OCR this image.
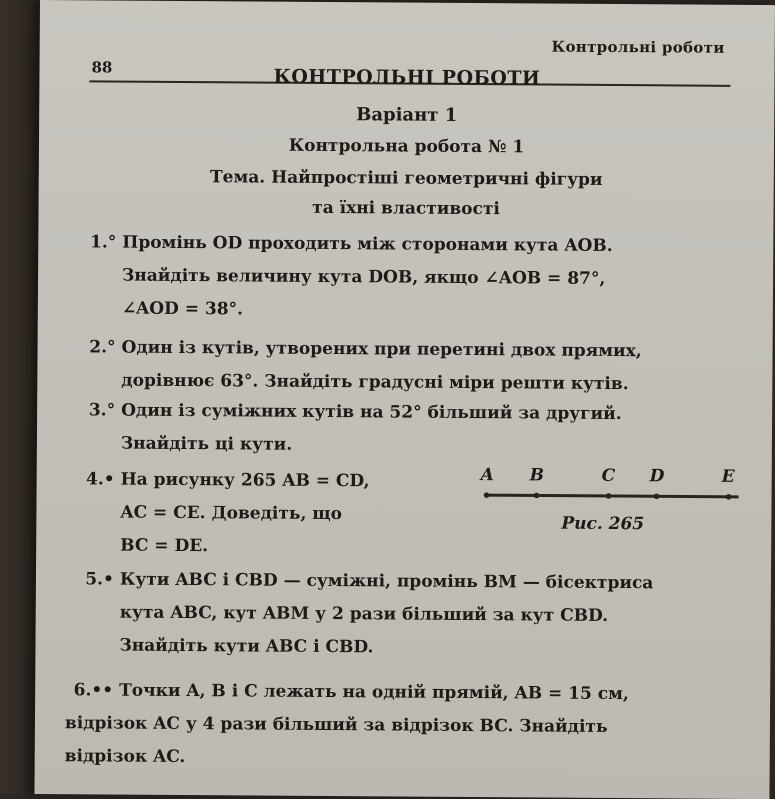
Контрольні роботи
88	КОНТРОЛЬНІ РОБОТИ
Варіант 1
Контрольна робота № 1
Тема. Найпростіші геометричні фігури
та їхні властивості
1.° Промінь OD проходить між сторонами кута AOB.
Знайдіть величину кута DOB, якщо ∠AOB = 87°,
∠AOD = 38°.
2.° Один із кутів, утворених при перетині двох прямих,
дорівнює 63°. Знайдіть градусні міри решти кутів.
3.° Один із суміжних кутів на 52° більший за другий.
Знайдіть ці кути.
4.• На рисунку 265 AB = CD,
AC = CE. Доведіть, що
BC = DE.
A B	C D	E
Рис. 265
5.• Кути ABC і CBD — суміжні, промінь BM — бісектриса
кута ABC, кут ABM у 2 рази більший за кут CBD.
Знайдіть кути ABC і CBD.
6.•• Точки A, B і C лежать на одній прямій, AB = 15 см,
відрізок AC у 4 рази більший за відрізок BC. Знайдіть
відрізок AC.
